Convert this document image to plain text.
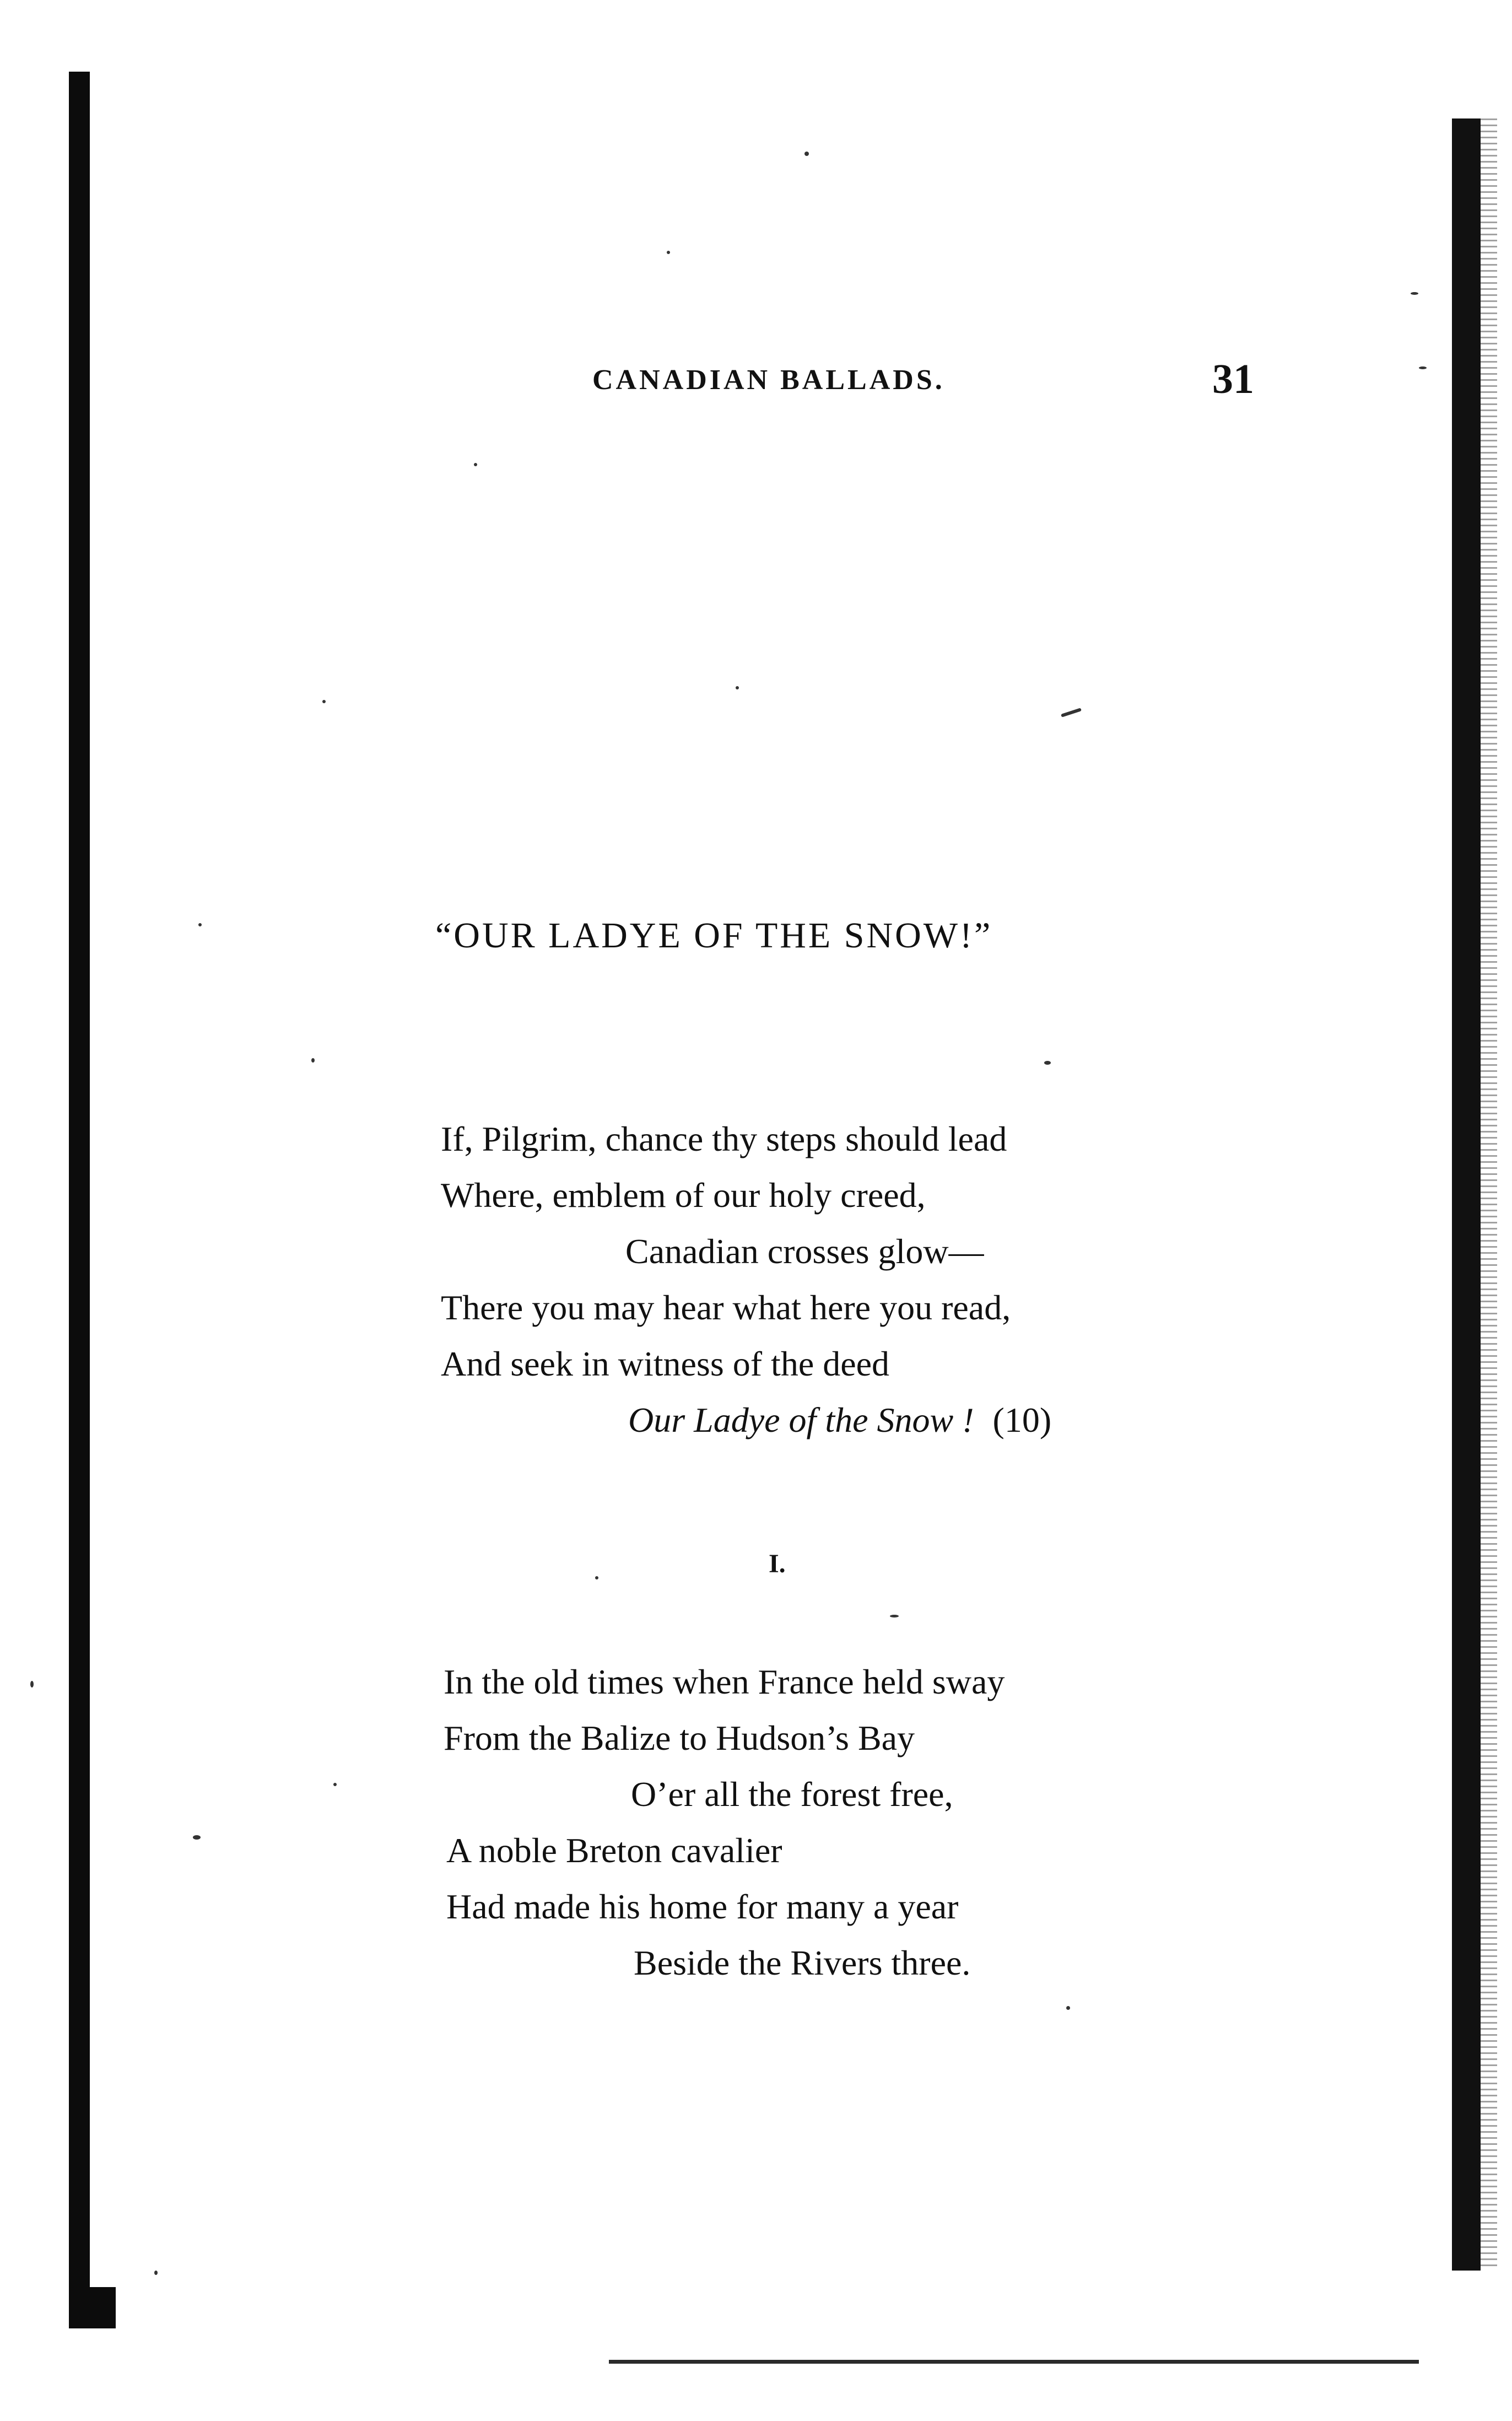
CANADIAN BALLADS.	31
“OUR LADYE OF THE SNOW!”
If, Pilgrim, chance thy steps should lead
Where, emblem of our holy creed,
Canadian crosses glow—
There you may hear what here you read,
And seek in witness of the deed
Our Ladye of the Snow ! (10)
I.
In the old times when France held sway
From the Balize to Hudson’s Bay
O’er all the forest free,
A noble Breton cavalier
Had made his home for many a year
Beside the Rivers three.
